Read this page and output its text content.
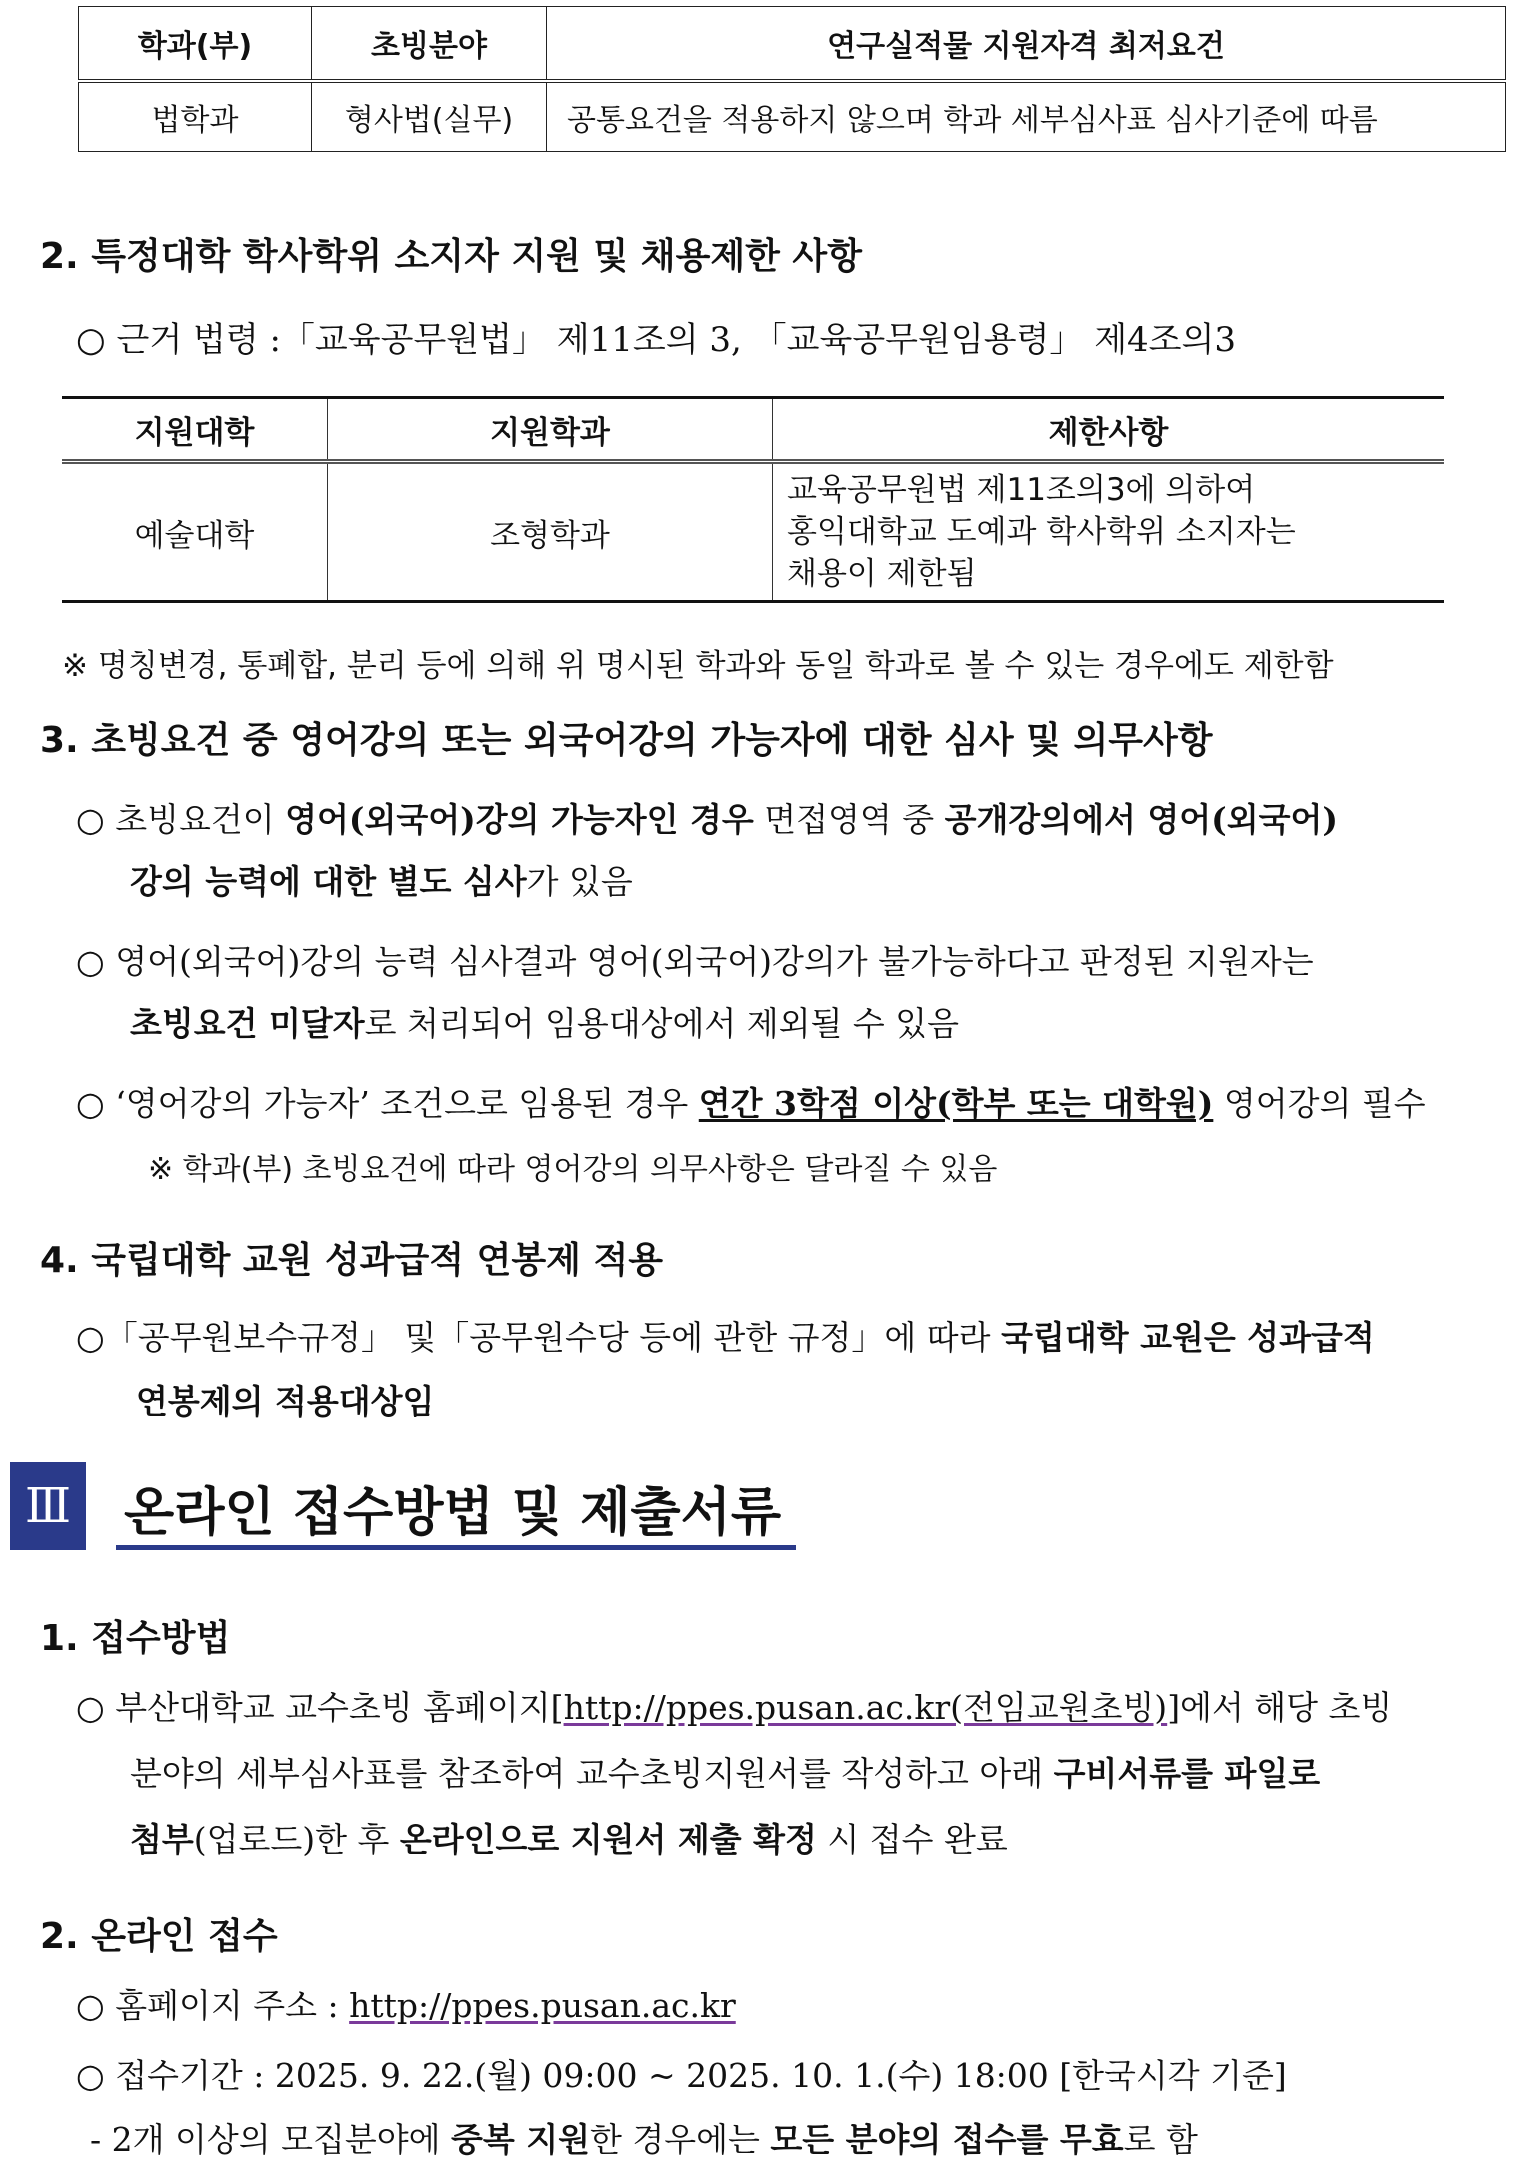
학과(부)	초빙분야	연구실적물 지원자격 최저요건
법학과	형사법(실무)	공통요건을 적용하지 않으며 학과 세부심사표 심사기준에 따름
2. 특정대학 학사학위 소지자 지원 및 채용제한 사항
○ 근거 법령 :「교육공무원법」 제11조의 3, 「교육공무원임용령」 제4조의3
지원대학	지원학과	제한사항
예술대학	조형학과	교육공무원법 제11조의3에 의하여
홍익대학교 도예과 학사학위 소지자는
채용이 제한됨
※ 명칭변경, 통폐합, 분리 등에 의해 위 명시된 학과와 동일 학과로 볼 수 있는 경우에도 제한함
3. 초빙요건 중 영어강의 또는 외국어강의 가능자에 대한 심사 및 의무사항
○ 초빙요건이 영어(외국어)강의 가능자인 경우 면접영역 중 공개강의에서 영어(외국어)
강의 능력에 대한 별도 심사가 있음
○ 영어(외국어)강의 능력 심사결과 영어(외국어)강의가 불가능하다고 판정된 지원자는
초빙요건 미달자로 처리되어 임용대상에서 제외될 수 있음
○ ‘영어강의 가능자’ 조건으로 임용된 경우 연간 3학점 이상(학부 또는 대학원) 영어강의 필수
※ 학과(부) 초빙요건에 따라 영어강의 의무사항은 달라질 수 있음
4. 국립대학 교원 성과급적 연봉제 적용
○「공무원보수규정」 및「공무원수당 등에 관한 규정」에 따라 국립대학 교원은 성과급적
연봉제의 적용대상임
Ⅲ 온라인 접수방법 및 제출서류
1. 접수방법
○ 부산대학교 교수초빙 홈페이지[http://ppes.pusan.ac.kr(전임교원초빙)]에서 해당 초빙
분야의 세부심사표를 참조하여 교수초빙지원서를 작성하고 아래 구비서류를 파일로
첨부(업로드)한 후 온라인으로 지원서 제출 확정 시 접수 완료
2. 온라인 접수
○ 홈페이지 주소 : http://ppes.pusan.ac.kr
○ 접수기간 : 2025. 9. 22.(월) 09:00 ~ 2025. 10. 1.(수) 18:00 [한국시각 기준]
- 2개 이상의 모집분야에 중복 지원한 경우에는 모든 분야의 접수를 무효로 함
